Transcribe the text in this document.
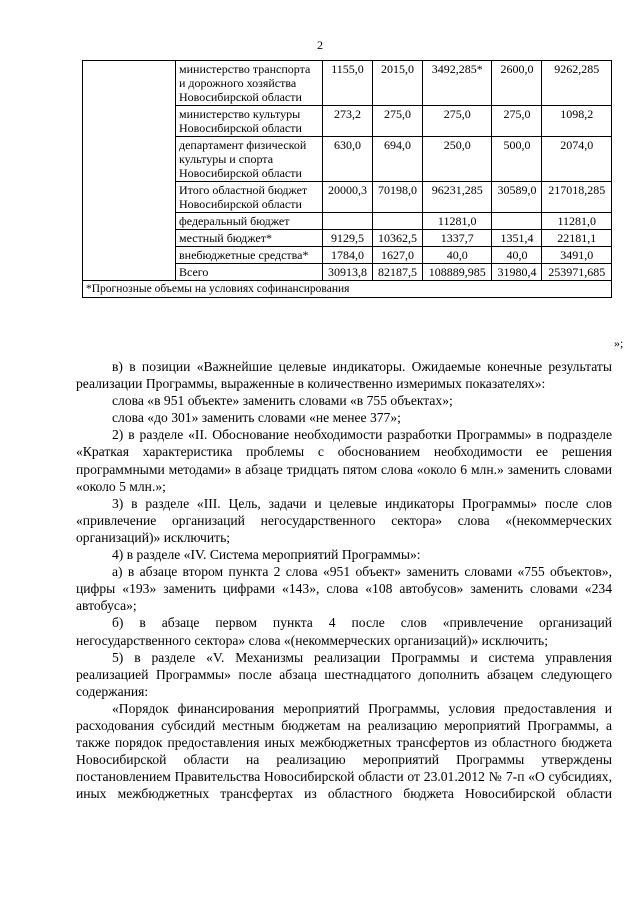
2
	министерство транспорта и дорожного хозяйства Новосибирской области	1155,0	2015,0	3492,285*	2600,0	9262,285
	министерство культуры Новосибирской области	273,2	275,0	275,0	275,0	1098,2
	департамент физической культуры и спорта Новосибирской области	630,0	694,0	250,0	500,0	2074,0
	Итого областной бюджет Новосибирской области	20000,3	70198,0	96231,285	30589,0	217018,285
	федеральный бюджет			11281,0		11281,0
	местный бюджет*	9129,5	10362,5	1337,7	1351,4	22181,1
	внебюджетные средства*	1784,0	1627,0	40,0	40,0	3491,0
	Всего	30913,8	82187,5	108889,985	31980,4	253971,685
*Прогнозные объемы на условиях софинансирования						
»;

в) в позиции «Важнейшие целевые индикаторы. Ожидаемые конечные результаты реализации Программы, выраженные в количественно измеримых показателях»:

слова «в 951 объекте» заменить словами «в 755 объектах»;

слова «до 301» заменить словами «не менее 377»;

2) в разделе «II. Обоснование необходимости разработки Программы» в подразделе «Краткая характеристика проблемы с обоснованием необходимости ее решения программными методами» в абзаце тридцать пятом слова «около 6 млн.» заменить словами «около 5 млн.»;

3) в разделе «III. Цель, задачи и целевые индикаторы Программы» после слов «привлечение организаций негосударственного сектора» слова «(некоммерческих организаций)» исключить;

4) в разделе «IV. Система мероприятий Программы»:

а) в абзаце втором пункта 2 слова «951 объект» заменить словами «755 объектов», цифры «193» заменить цифрами «143», слова «108 автобусов» заменить словами «234 автобуса»;

б) в абзаце первом пункта 4 после слов «привлечение организаций негосударственного сектора» слова «(некоммерческих организаций)» исключить;

5) в разделе «V. Механизмы реализации Программы и система управления реализацией Программы» после абзаца шестнадцатого дополнить абзацем следующего содержания:

«Порядок финансирования мероприятий Программы, условия предоставления и расходования субсидий местным бюджетам на реализацию мероприятий Программы, а также порядок предоставления иных межбюджетных трансфертов из областного бюджета Новосибирской области на реализацию мероприятий Программы утверждены постановлением Правительства Новосибирской области от 23.01.2012 № 7-п «О субсидиях, иных межбюджетных трансфертах из областного бюджета Новосибирской области
